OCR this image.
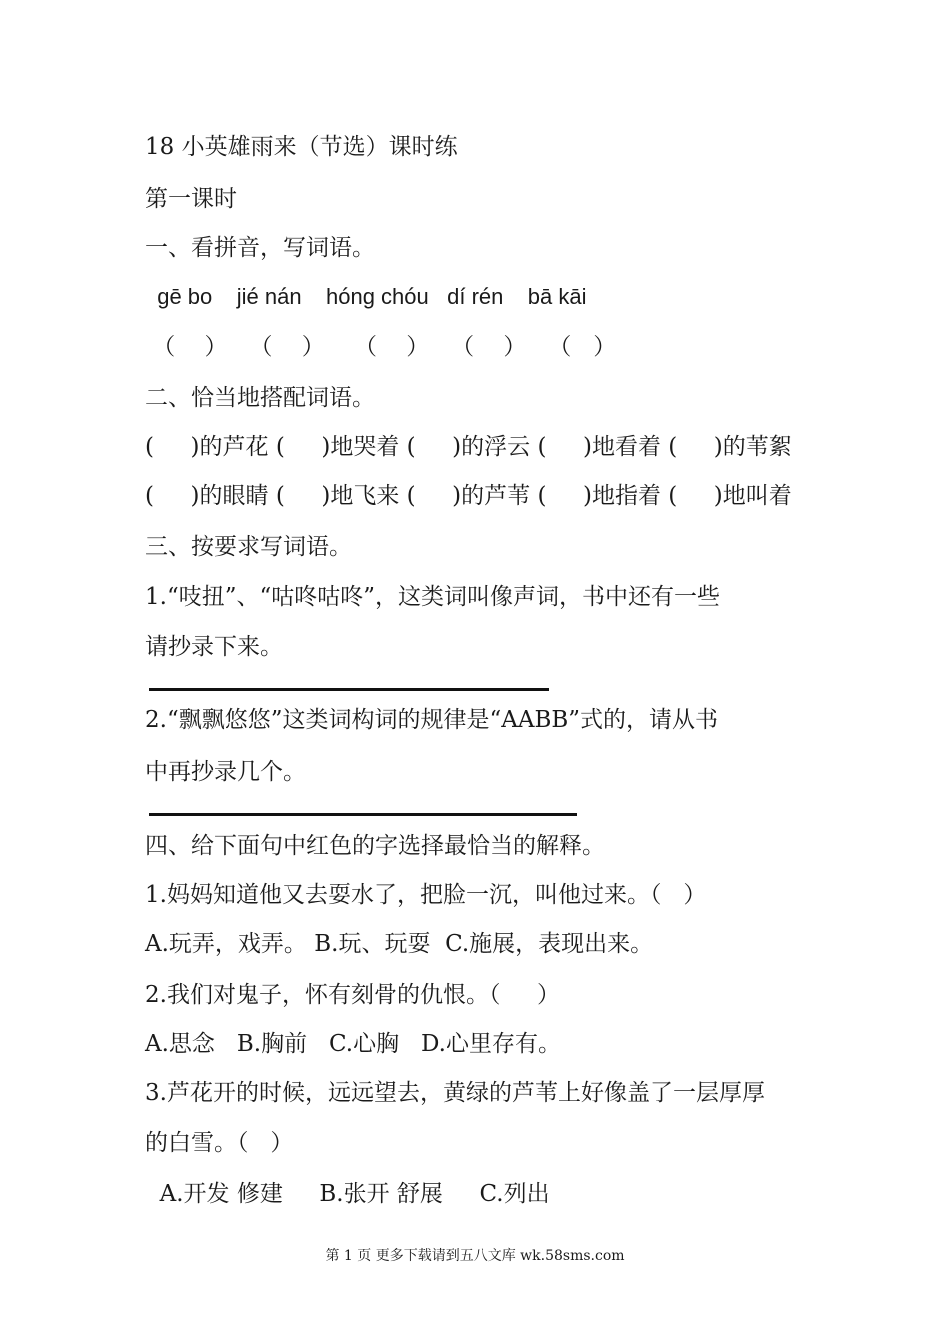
18 小英雄雨来（节选）课时练
第一课时
一、看拼音，写词语。
gē bo    jié nán    hóng chóu   dí rén    bā kāi
（    ）   （    ）    （    ）   （    ）   （   ）
二、恰当地搭配词语。
(     )的芦花 (     )地哭着 (     )的浮云 (     )地看着 (     )的苇絮
(     )的眼睛 (     )地飞来 (     )的芦苇 (     )地指着 (     )地叫着
三、按要求写词语。
1.“吱扭”、“咕咚咕咚”，这类词叫像声词，书中还有一些
请抄录下来。
2.“飘飘悠悠”这类词构词的规律是“AABB”式的，请从书
中再抄录几个。
四、给下面句中红色的字选择最恰当的解释。
1.妈妈知道他又去耍水了，把脸一沉，叫他过来。（   ）
A.玩弄，戏弄。 B.玩、玩耍  C.施展，表现出来。
2.我们对鬼子，怀有刻骨的仇恨。（     ）
A.思念   B.胸前   C.心胸   D.心里存有。
3.芦花开的时候，远远望去，黄绿的芦苇上好像盖了一层厚厚
的白雪。（   ）
A.开发 修建     B.张开 舒展     C.列出
第 1 页 更多下载请到五八文库 wk.58sms.com
